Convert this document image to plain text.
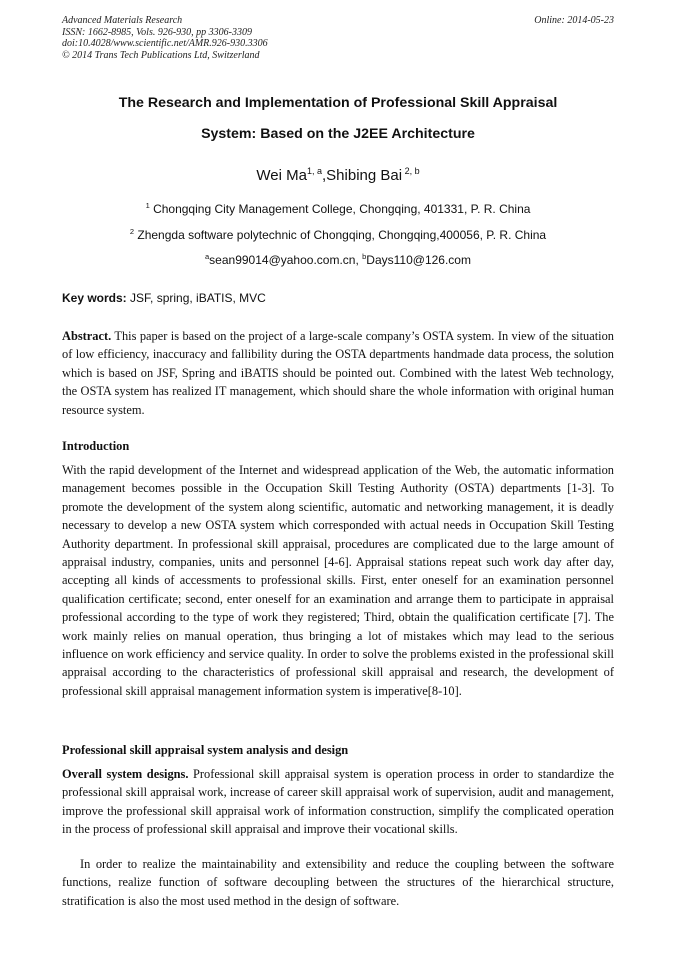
Advanced Materials Research
ISSN: 1662-8985, Vols. 926-930, pp 3306-3309
doi:10.4028/www.scientific.net/AMR.926-930.3306
© 2014 Trans Tech Publications Ltd, Switzerland
Online: 2014-05-23
The Research and Implementation of Professional Skill Appraisal
System: Based on the J2EE Architecture
Wei Ma$^{1, a}$,Shibing Bai $^{2, b}$
$^1$ Chongqing City Management College, Chongqing, 401331, P. R. China
$^2$ Zhengda software polytechnic of Chongqing, Chongqing,400056, P. R. China
$^a$sean99014@yahoo.com.cn, $^b$Days110@126.com
Key words: JSF, spring, iBATIS, MVC
Abstract. This paper is based on the project of a large-scale company’s OSTA system. In view of the situation of low efficiency, inaccuracy and fallibility during the OSTA departments handmade data process, the solution which is based on JSF, Spring and iBATIS should be pointed out. Combined with the latest Web technology, the OSTA system has realized IT management, which should share the whole information with original human resource system.
Introduction
With the rapid development of the Internet and widespread application of the Web, the automatic information management becomes possible in the Occupation Skill Testing Authority (OSTA) departments [1-3]. To promote the development of the system along scientific, automatic and networking management, it is deadly necessary to develop a new OSTA system which corresponded with actual needs in Occupation Skill Testing Authority department. In professional skill appraisal, procedures are complicated due to the large amount of appraisal industry, companies, units and personnel [4-6]. Appraisal stations repeat such work day after day, accepting all kinds of accessments to professional skills. First, enter oneself for an examination personnel qualification certificate; second, enter oneself for an examination and arrange them to participate in appraisal professional according to the type of work they registered; Third, obtain the qualification certificate [7]. The work mainly relies on manual operation, thus bringing a lot of mistakes which may lead to the serious influence on work efficiency and service quality. In order to solve the problems existed in the professional skill appraisal according to the characteristics of professional skill appraisal and research, the development of professional skill appraisal management information system is imperative[8-10].
Professional skill appraisal system analysis and design
Overall system designs. Professional skill appraisal system is operation process in order to standardize the professional skill appraisal work, increase of career skill appraisal work of supervision, audit and management, improve the professional skill appraisal work of information construction, simplify the complicated operation in the process of professional skill appraisal and improve their vocational skills.

In order to realize the maintainability and extensibility and reduce the coupling between the software functions, realize function of software decoupling between the structures of the hierarchical structure, stratification is also the most used method in the design of software.
